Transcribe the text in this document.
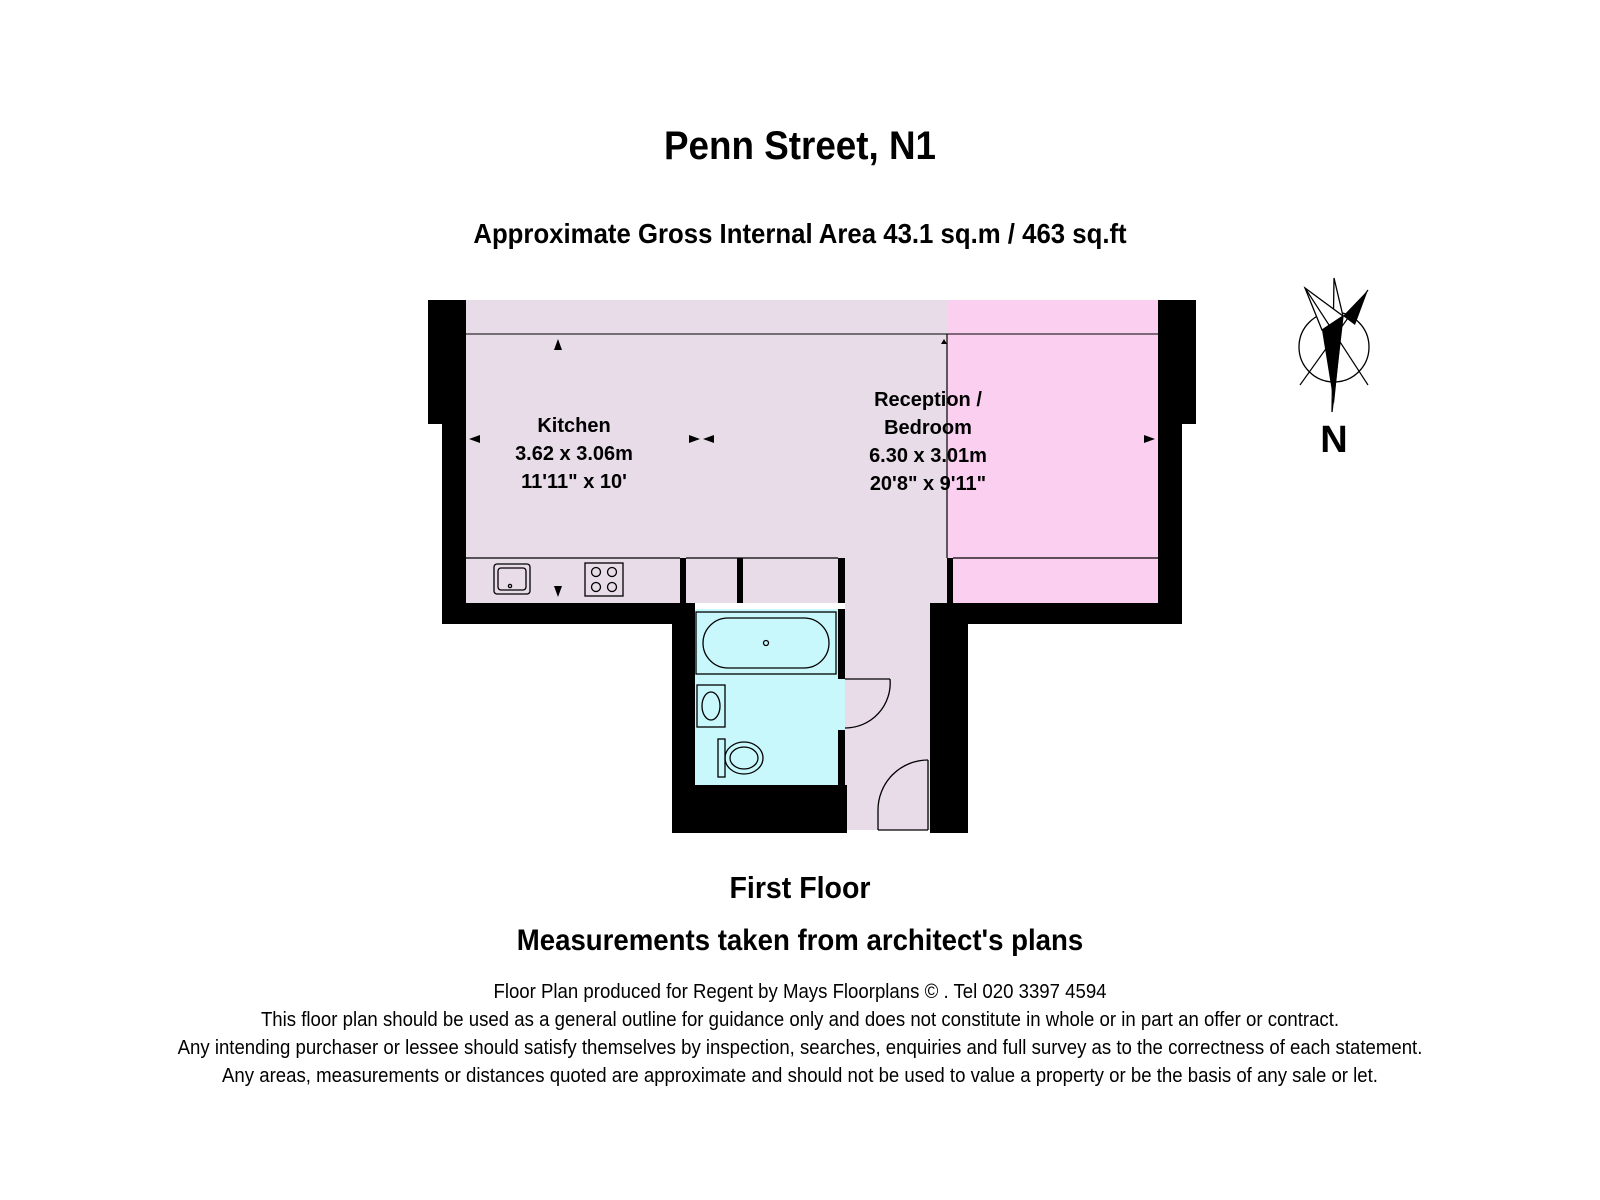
Penn Street, N1
Approximate Gross Internal Area 43.1 sq.m / 463 sq.ft
Kitchen
3.62 x 3.06m
11'11" x 10'
Reception /
Bedroom
6.30 x 3.01m
20'8" x 9'11"
N
First Floor
Measurements taken from architect's plans
Floor Plan produced for Regent by Mays Floorplans © . Tel 020 3397 4594
This floor plan should be used as a general outline for guidance only and does not constitute in whole or in part an offer or contract.
Any intending purchaser or lessee should satisfy themselves by inspection, searches, enquiries and full survey as to the correctness of each statement.
Any areas, measurements or distances quoted are approximate and should not be used to value a property or be the basis of any sale or let.
